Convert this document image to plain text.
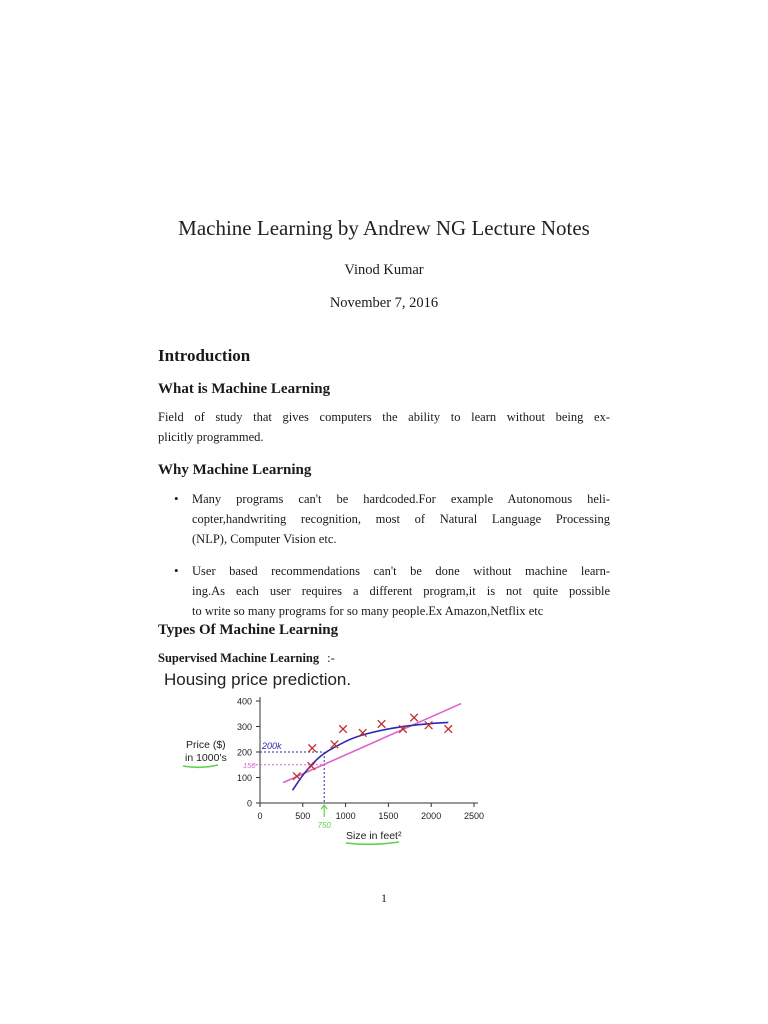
Machine Learning by Andrew NG Lecture Notes
Vinod Kumar
November 7, 2016
Introduction
What is Machine Learning
Field of study that gives computers the ability to learn without being ex-
plicitly programmed.
Why Machine Learning
• Many programs can't be hardcoded.For example Autonomous heli-
copter,handwriting recognition, most of Natural Language Processing
(NLP), Computer Vision etc.
• User based recommendations can't be done without machine learn-
ing.As each user requires a different program,it is not quite possible
to write so many programs for so many people.Ex Amazon,Netflix etc
Types Of Machine Learning
Supervised Machine Learning :-
Housing price prediction.
0
100
200
300
400
0	500	1000	1500	2000	2500
200k
150
750
Price ($)
in 1000's
Size in feet²
1
